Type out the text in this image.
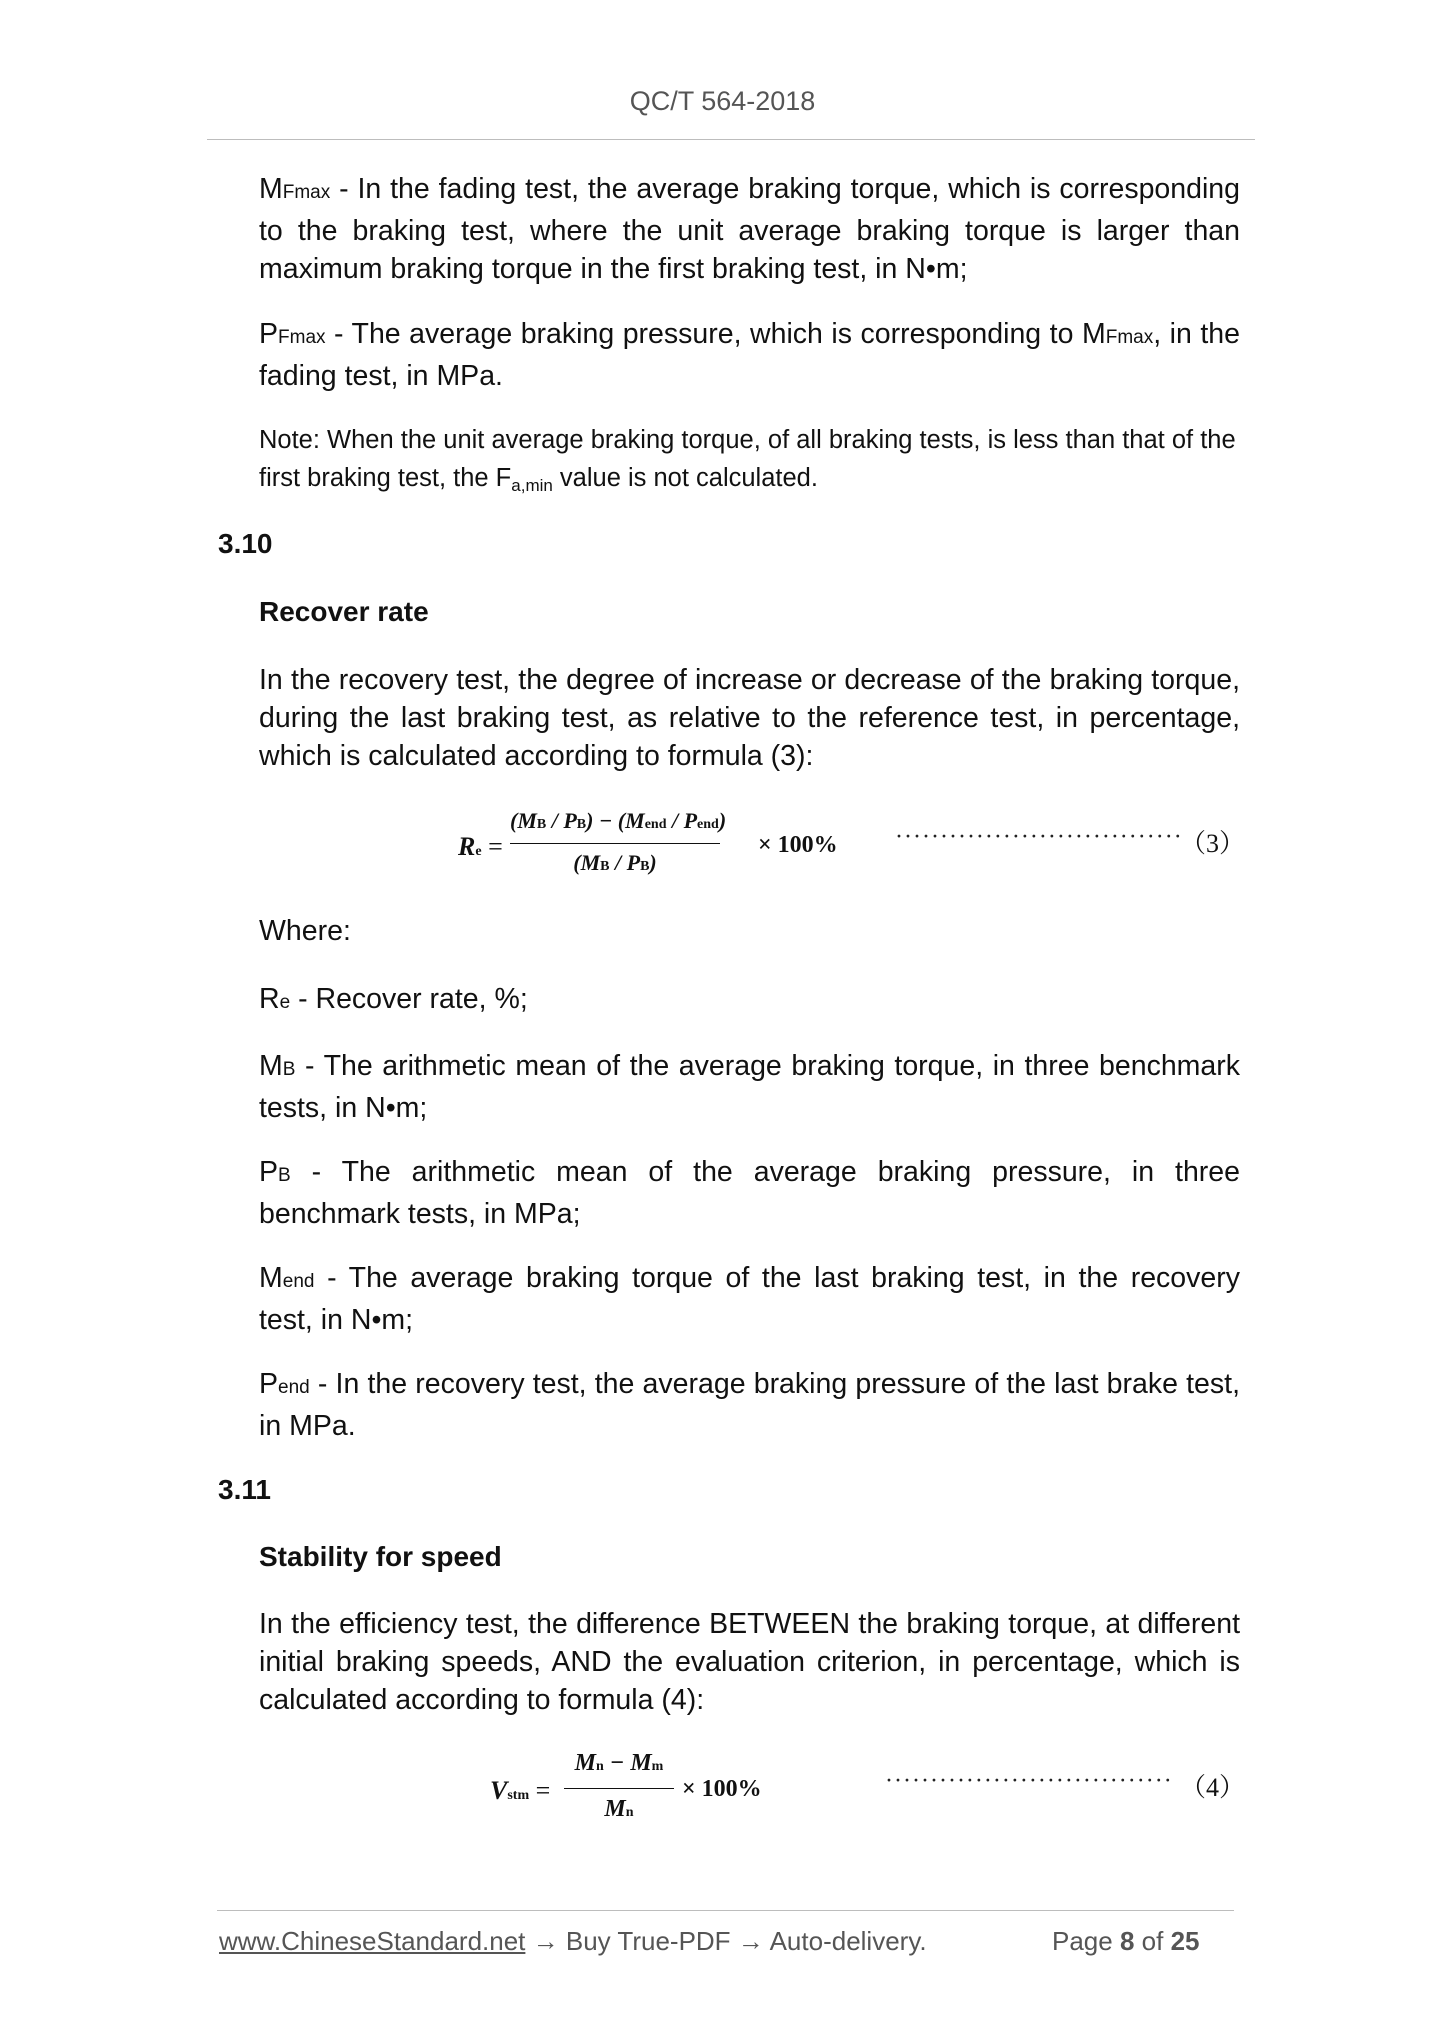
QC/T 564-2018
MFmax - In the fading test, the average braking torque, which is corresponding to the braking test, where the unit average braking torque is larger than maximum braking torque in the first braking test, in N•m;
PFmax - The average braking pressure, which is corresponding to MFmax, in the fading test, in MPa.
Note: When the unit average braking torque, of all braking tests, is less than that of the first braking test, the Fa,min value is not calculated.
3.10
Recover rate
In the recovery test, the degree of increase or decrease of the braking torque, during the last braking test, as relative to the reference test, in percentage, which is calculated according to formula (3):
Re =
(MB / PB) − (Mend / Pend)
(MB / PB)
× 100% ································
（3）
Where:
Re - Recover rate, %;
MB - The arithmetic mean of the average braking torque, in three benchmark tests, in N•m;
PB - The arithmetic mean of the average braking pressure, in three benchmark tests, in MPa;
Mend - The average braking torque of the last braking test, in the recovery test, in N•m;
Pend - In the recovery test, the average braking pressure of the last brake test, in MPa.
3.11
Stability for speed
In the efficiency test, the difference BETWEEN the braking torque, at different initial braking speeds, AND the evaluation criterion, in percentage, which is calculated according to formula (4):
Vstm =
Mn − Mm
Mn
× 100%	································ （4）
www.ChineseStandard.net → Buy True-PDF → Auto-delivery.	Page 8 of 25
